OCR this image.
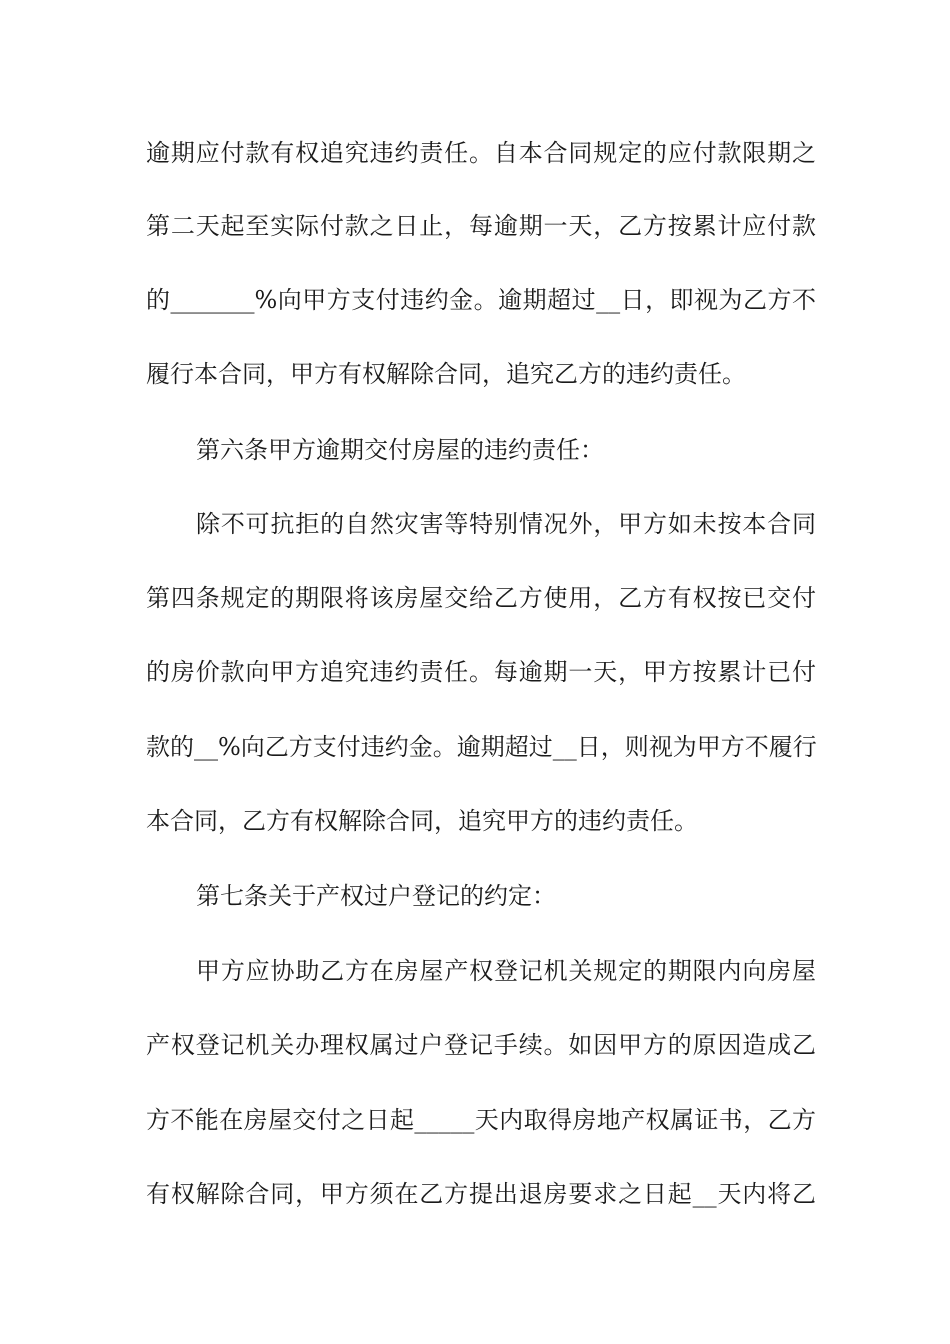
逾期应付款有权追究违约责任。自本合同规定的应付款限期之
第二天起至实际付款之日止，每逾期一天，乙方按累计应付款
的_______%向甲方支付违约金。逾期超过__日，即视为乙方不
履行本合同，甲方有权解除合同，追究乙方的违约责任。
第六条甲方逾期交付房屋的违约责任：
除不可抗拒的自然灾害等特别情况外，甲方如未按本合同
第四条规定的期限将该房屋交给乙方使用，乙方有权按已交付
的房价款向甲方追究违约责任。每逾期一天，甲方按累计已付
款的__%向乙方支付违约金。逾期超过__日，则视为甲方不履行
本合同，乙方有权解除合同，追究甲方的违约责任。
第七条关于产权过户登记的约定：
甲方应协助乙方在房屋产权登记机关规定的期限内向房屋
产权登记机关办理权属过户登记手续。如因甲方的原因造成乙
方不能在房屋交付之日起_____天内取得房地产权属证书，乙方
有权解除合同，甲方须在乙方提出退房要求之日起__天内将乙
